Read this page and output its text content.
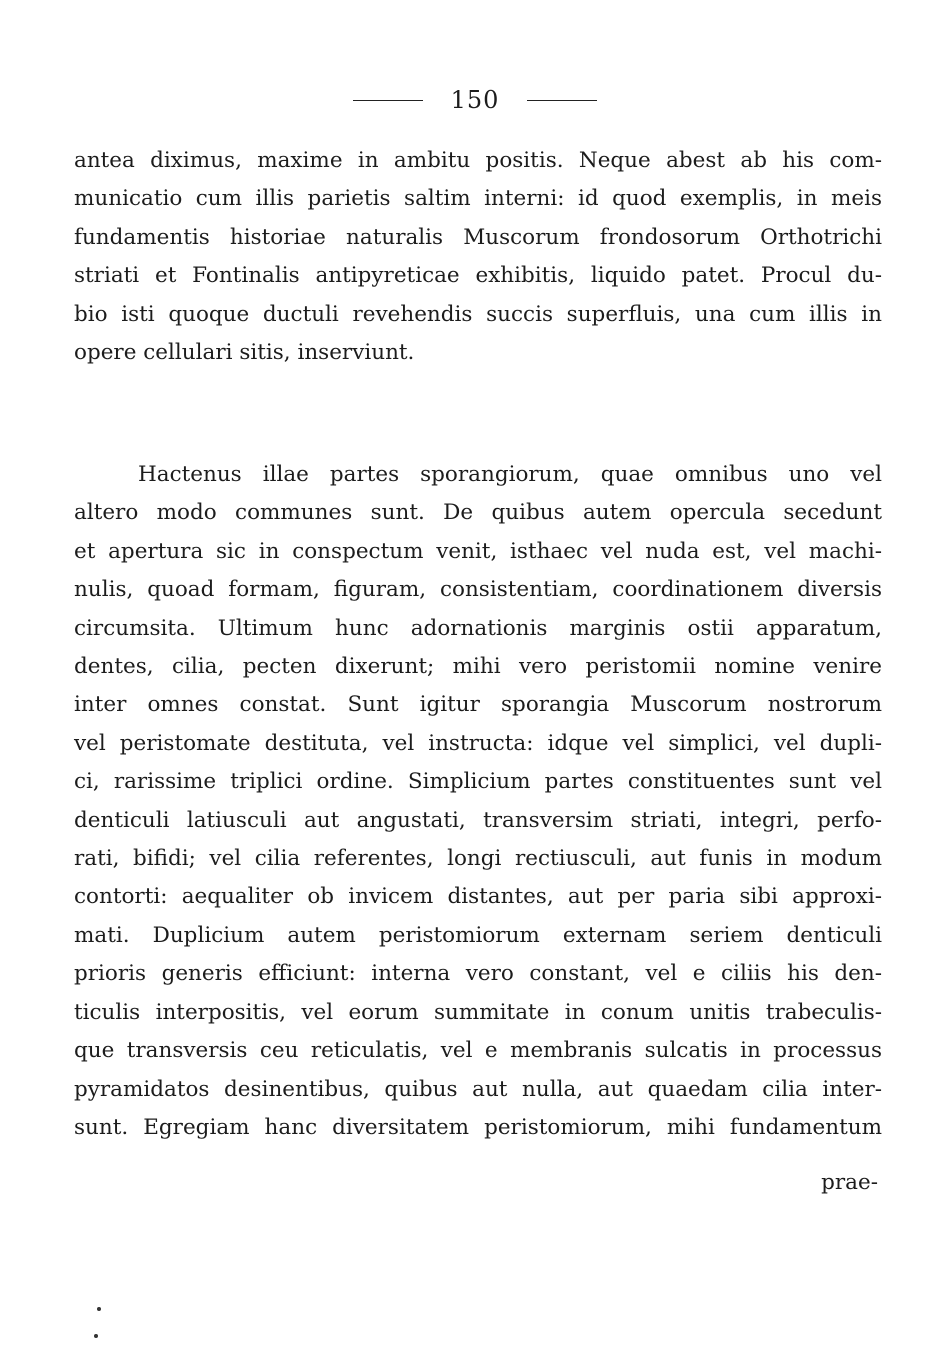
150
antea diximus, maxime in ambitu positis. Neque abest ab his com-
municatio cum illis parietis saltim interni: id quod exemplis, in meis
fundamentis historiae naturalis Muscorum frondosorum Orthotrichi
striati et Fontinalis antipyreticae exhibitis, liquido patet. Procul du-
bio isti quoque ductuli revehendis succis superfluis, una cum illis in
opere cellulari sitis, inserviunt.
Hactenus illae partes sporangiorum, quae omnibus uno vel
altero modo communes sunt. De quibus autem opercula secedunt
et apertura sic in conspectum venit, isthaec vel nuda est, vel machi-
nulis, quoad formam, figuram, consistentiam, coordinationem diversis
circumsita. Ultimum hunc adornationis marginis ostii apparatum,
dentes, cilia, pecten dixerunt; mihi vero peristomii nomine venire
inter omnes constat. Sunt igitur sporangia Muscorum nostrorum
vel peristomate destituta, vel instructa: idque vel simplici, vel dupli-
ci, rarissime triplici ordine. Simplicium partes constituentes sunt vel
denticuli latiusculi aut angustati, transversim striati, integri, perfo-
rati, bifidi; vel cilia referentes, longi rectiusculi, aut funis in modum
contorti: aequaliter ob invicem distantes, aut per paria sibi approxi-
mati. Duplicium autem peristomiorum externam seriem denticuli
prioris generis efficiunt: interna vero constant, vel e ciliis his den-
ticulis interpositis, vel eorum summitate in conum unitis trabeculis-
que transversis ceu reticulatis, vel e membranis sulcatis in processus
pyramidatos desinentibus, quibus aut nulla, aut quaedam cilia inter-
sunt. Egregiam hanc diversitatem peristomiorum, mihi fundamentum
prae-
